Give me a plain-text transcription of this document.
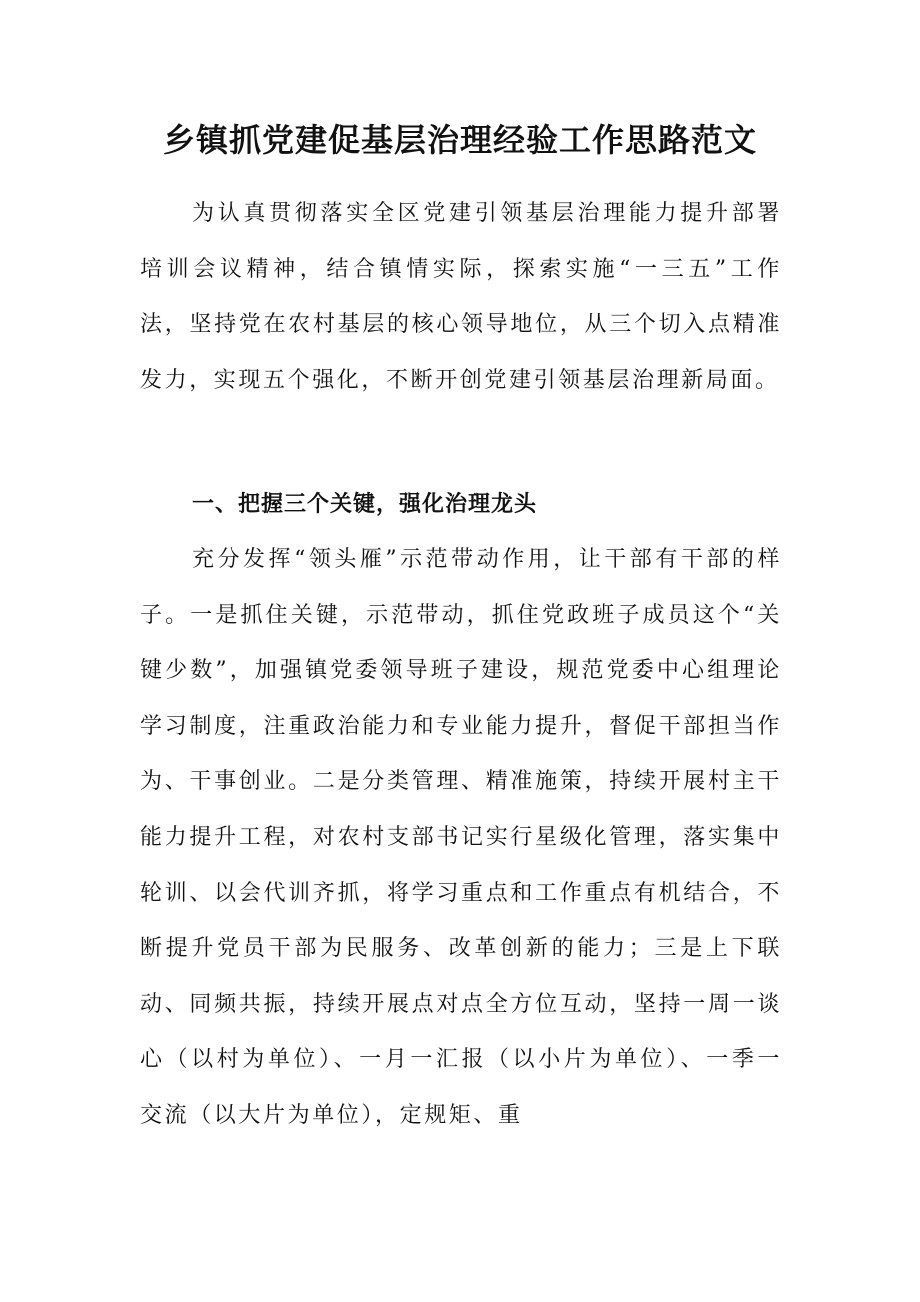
乡镇抓党建促基层治理经验工作思路范文

为认真贯彻落实全区党建引领基层治理能力提升部署培训会议精神，结合镇情实际，探索实施“一三五”工作法，坚持党在农村基层的核心领导地位，从三个切入点精准发力，实现五个强化，不断开创党建引领基层治理新局面。

一、把握三个关键，强化治理龙头

充分发挥“领头雁”示范带动作用，让干部有干部的样子。一是抓住关键，示范带动，抓住党政班子成员这个“关键少数”，加强镇党委领导班子建设，规范党委中心组理论学习制度，注重政治能力和专业能力提升，督促干部担当作为、干事创业。二是分类管理、精准施策，持续开展村主干能力提升工程，对农村支部书记实行星级化管理，落实集中轮训、以会代训齐抓，将学习重点和工作重点有机结合，不断提升党员干部为民服务、改革创新的能力；三是上下联动、同频共振，持续开展点对点全方位互动，坚持一周一谈心（以村为单位）、一月一汇报（以小片为单位）、一季一交流（以大片为单位），定规矩、重
